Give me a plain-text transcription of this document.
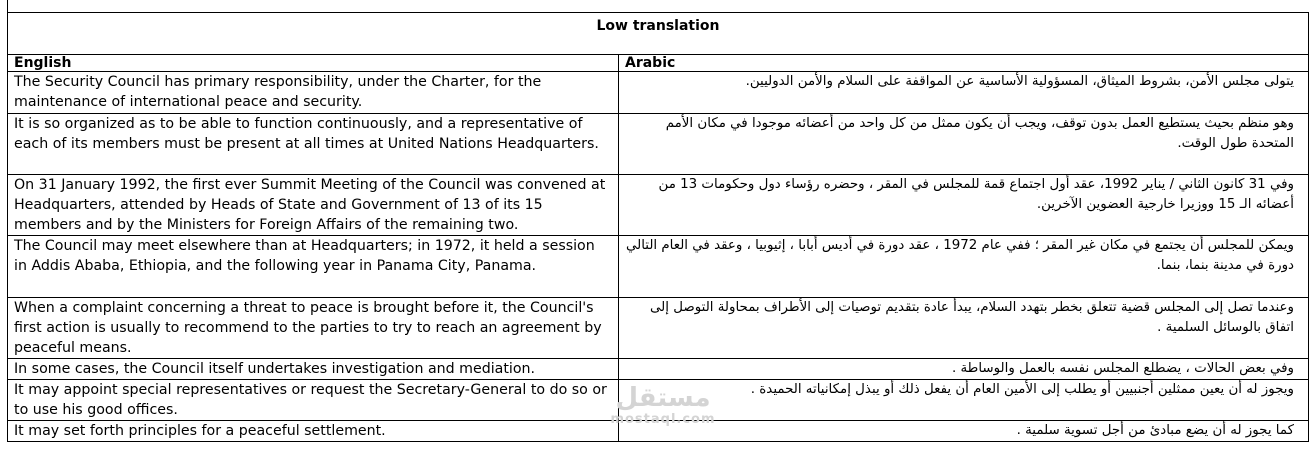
Low translation
English	Arabic
The Security Council has primary responsibility, under the Charter, for the maintenance of international peace and security.	يتولى مجلس الأمن، بشروط الميثاق، المسؤولية الأساسية عن المواقفة على السلام والأمن الدوليين.
It is so organized as to be able to function continuously, and a representative of each of its members must be present at all times at United Nations Headquarters.	وهو منظم بحيث يستطيع العمل بدون توقف، ويجب أن يكون ممثل من كل واحد من أعضائه موجودا في مكان الأمم المتحدة طول الوقت.
On 31 January 1992, the first ever Summit Meeting of the Council was convened at Headquarters, attended by Heads of State and Government of 13 of its 15 members and by the Ministers for Foreign Affairs of the remaining two.	وفي 31 كانون الثاني / يناير 1992، عقد أول اجتماع قمة للمجلس في المقر ، وحضره رؤساء دول وحكومات 13 من أعضائه الـ 15 ووزيرا خارجية العضوين الآخرين.
The Council may meet elsewhere than at Headquarters; in 1972, it held a session in Addis Ababa, Ethiopia, and the following year in Panama City, Panama.	ويمكن للمجلس أن يجتمع في مكان غير المقر ؛ ففي عام 1972 ، عقد دورة في أديس أبابا ، إثيوبيا ، وعقد في العام التالي دورة في مدينة بنما، بنما.
When a complaint concerning a threat to peace is brought before it, the Council's first action is usually to recommend to the parties to try to reach an agreement by peaceful means.	وعندما تصل إلى المجلس قضية تتعلق بخطر بتهدد السلام، يبدأ عادة بتقديم توصيات إلى الأطراف بمحاولة التوصل إلى اتفاق بالوسائل السلمية .
In some cases, the Council itself undertakes investigation and mediation.	وفي بعض الحالات ، يضطلع المجلس نفسه بالعمل والوساطة .
It may appoint special representatives or request the Secretary-General to do so or to use his good offices.	ويجوز له أن يعين ممثلين أجنبيين أو يطلب إلى الأمين العام أن يفعل ذلك أو يبذل إمكانياته الحميدة .
It may set forth principles for a peaceful settlement.	كما يجوز له أن يضع مبادئ من أجل تسوية سلمية .
مستقل
mostaql.com
